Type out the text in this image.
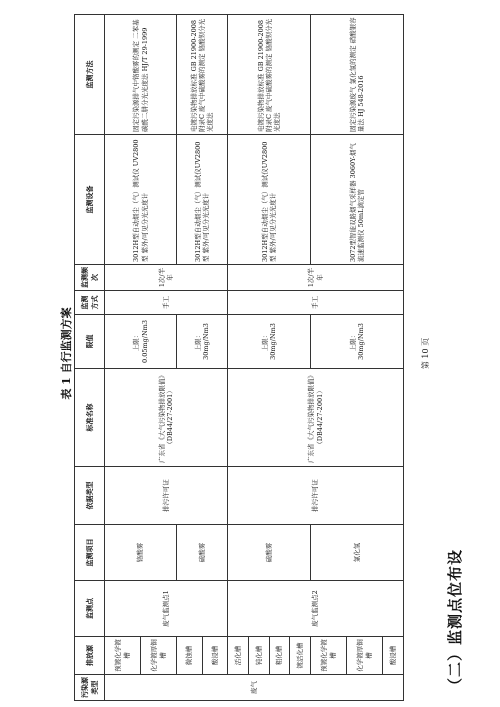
（二）监测点位布设
表 1 自行监测方案
污染源类型	排放源	监测点	监测项目	依据类型	标准名称	限值	监测方式	监测频次	监测设备	监测方法
废气	预镀化学镀槽	废气监测点1	铬酸雾	排污许可证	广东省《大气污染物排放限值》（DB44/27-2001）	上限：0.05mg/Nm3	手工	1次/半年	3012H型自动烟尘（气）测试仪 UV2800型 紫外/可见分光光度计	固定污染源排气中铬酸雾的测定 二苯基碳酰二肼分光光度法 HJ/T 29-1999
	化学镀厚铜槽									
	微蚀槽		硫酸雾			上限：30mg/Nm3			3012H型自动烟尘（气）测试仪UV2800型 紫外/可见分光光度计	电镀污染物排放标准 GB 21900-2008 附录C 废气中硫酸雾的测定 铬酸钡分光光度法
	酸浸槽									
	活化槽	废气监测点2	硫酸雾	排污许可证	广东省《大气污染物排放限值》（DB44/27-2001）	上限：30mg/Nm3	手工	1次/半年	3012H型自动烟尘（气）测试仪UV2800型 紫外/可见分光光度计	电镀污染物排放标准 GB 21900-2008 附录C 废气中硫酸雾的测定 铬酸钡分光光度法
	钝化槽									
	粗化槽									
	镀活化槽									
	预镀化学镀槽		氯化氢			上限：30mg/Nm3			3072型智能双路烟气采样器 3060Y-烟气流速监测仪 50mL滴定管	固定污染源废气 氯化氢的测定 硝酸银容量法 HJ 548-2016
	化学镀厚铜槽									
	酸浸槽									
第 10 页
